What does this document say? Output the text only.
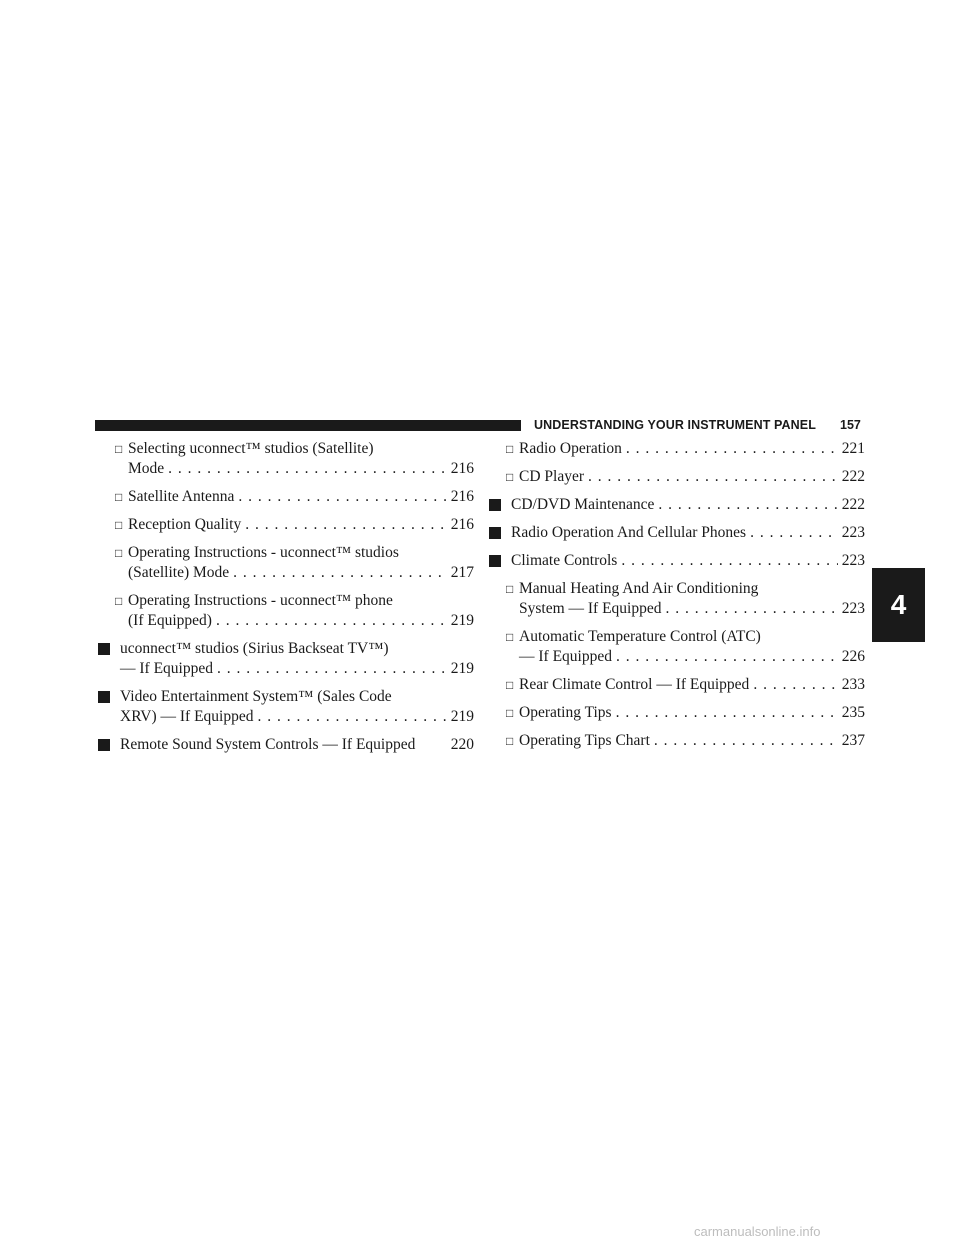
UNDERSTANDING YOUR INSTRUMENT PANEL 157
4
□ Selecting uconnect™ studios (Satellite)
Mode . . .	216
□ Satellite Antenna . . .	216
□ Reception Quality . . .	216
□ Operating Instructions - uconnect™ studios
(Satellite) Mode . . .	217
□ Operating Instructions - uconnect™ phone
(If Equipped) . . .	219
uconnect™ studios (Sirius Backseat TV™)
— If Equipped . . .	219
Video Entertainment System™ (Sales Code
XRV) — If Equipped . . .	219
Remote Sound System Controls — If Equipped 220
□ Radio Operation . . .	221
□ CD Player . . .	222
CD/DVD Maintenance . . .	222
Radio Operation And Cellular Phones . . .	223
Climate Controls . . .	223
□ Manual Heating And Air Conditioning
System — If Equipped . . .	223
□ Automatic Temperature Control (ATC)
— If Equipped . . .	226
□ Rear Climate Control — If Equipped . . .	233
□ Operating Tips . . .	235
□ Operating Tips Chart . . .	237
carmanualsonline.info
